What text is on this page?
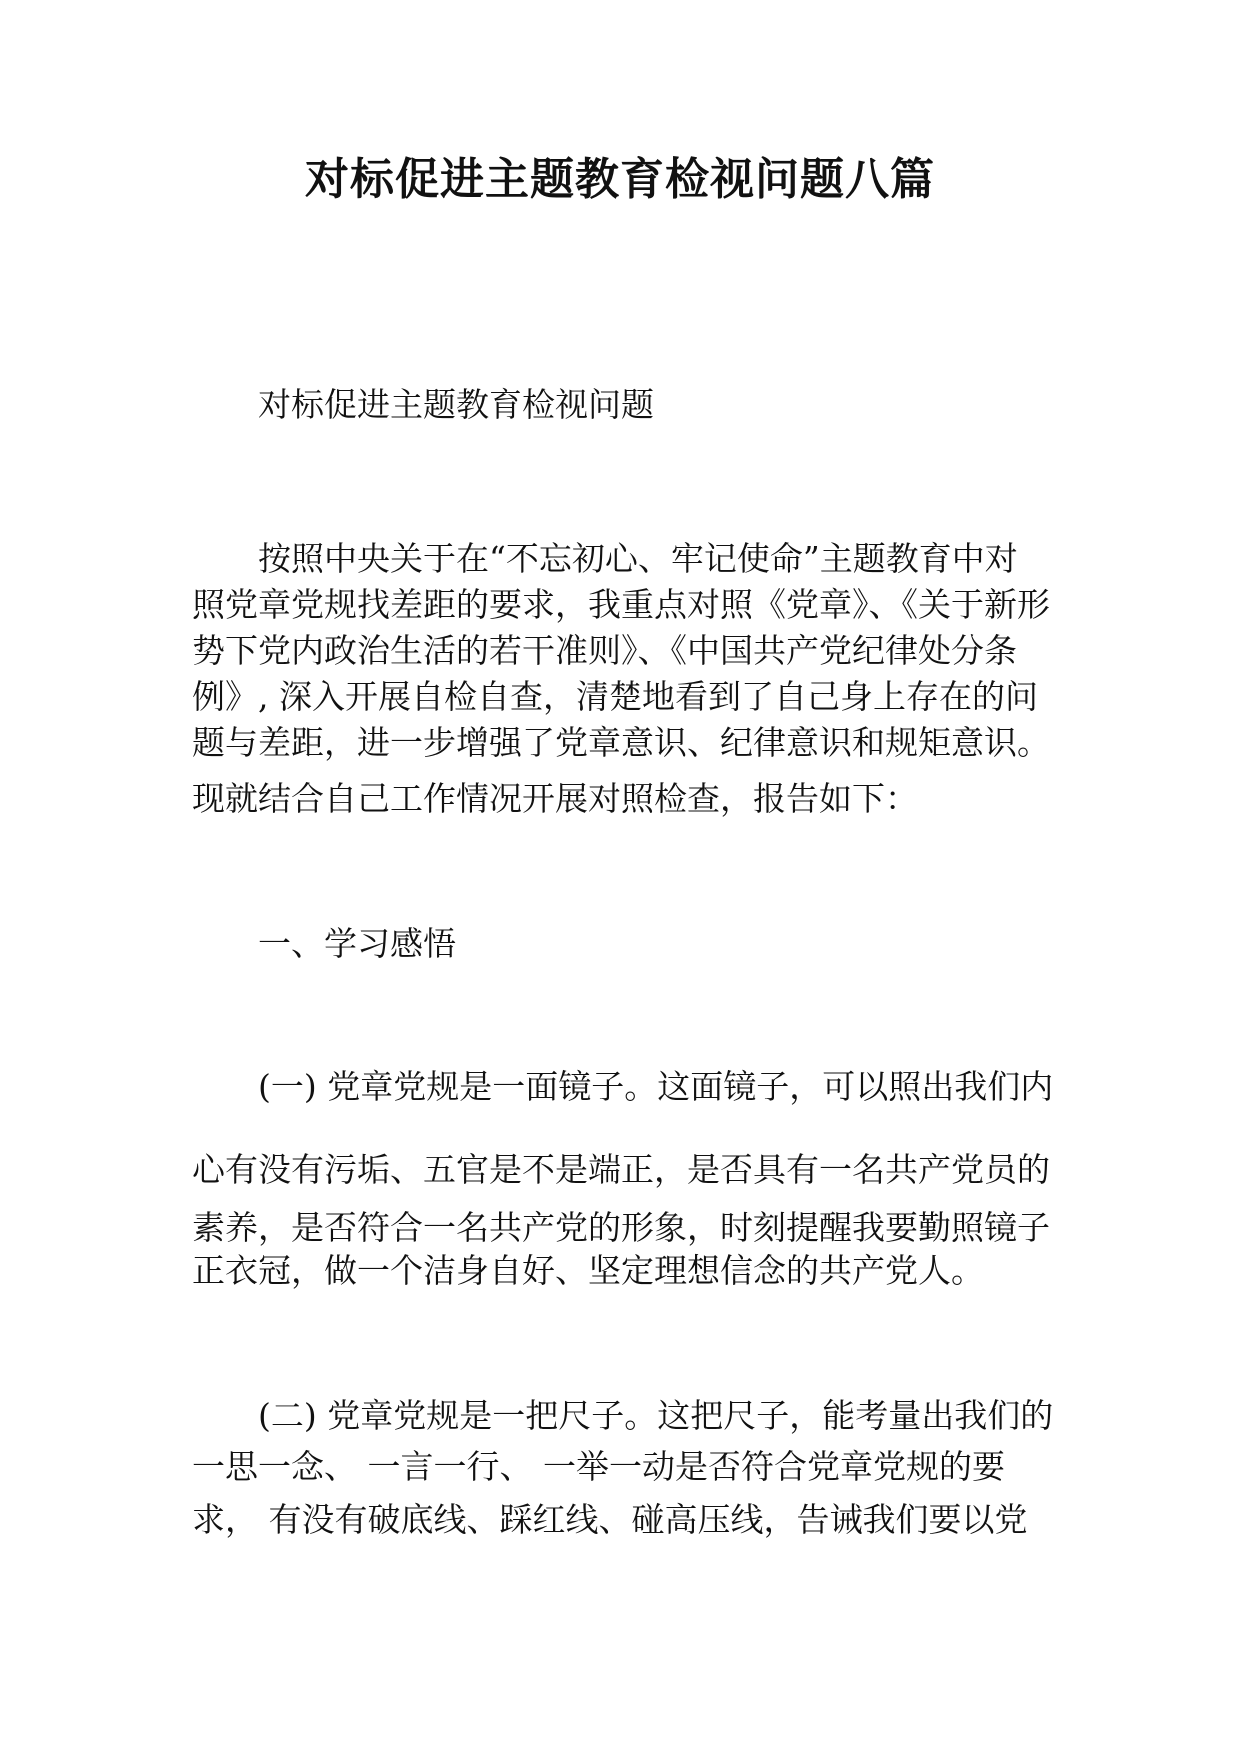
对标促进主题教育检视问题八篇
对标促进主题教育检视问题
按照中央关于在“不忘初心、牢记使命”主题教育中对
照党章党规找差距的要求，我重点对照《党章》、《关于新形
势下党内政治生活的若干准则》、《中国共产党纪律处分条
例》, 深入开展自检自查，清楚地看到了自己身上存在的问
题与差距，进一步增强了党章意识、纪律意识和规矩意识。
现就结合自己工作情况开展对照检查，报告如下：
一、学习感悟
(一) 党章党规是一面镜子。这面镜子，可以照出我们内
心有没有污垢、五官是不是端正，是否具有一名共产党员的
素养，是否符合一名共产党的形象，时刻提醒我要勤照镜子
正衣冠，做一个洁身自好、坚定理想信念的共产党人。
(二) 党章党规是一把尺子。这把尺子，能考量出我们的
一思一念、 一言一行、 一举一动是否符合党章党规的要
求， 有没有破底线、踩红线、碰高压线，告诫我们要以党
